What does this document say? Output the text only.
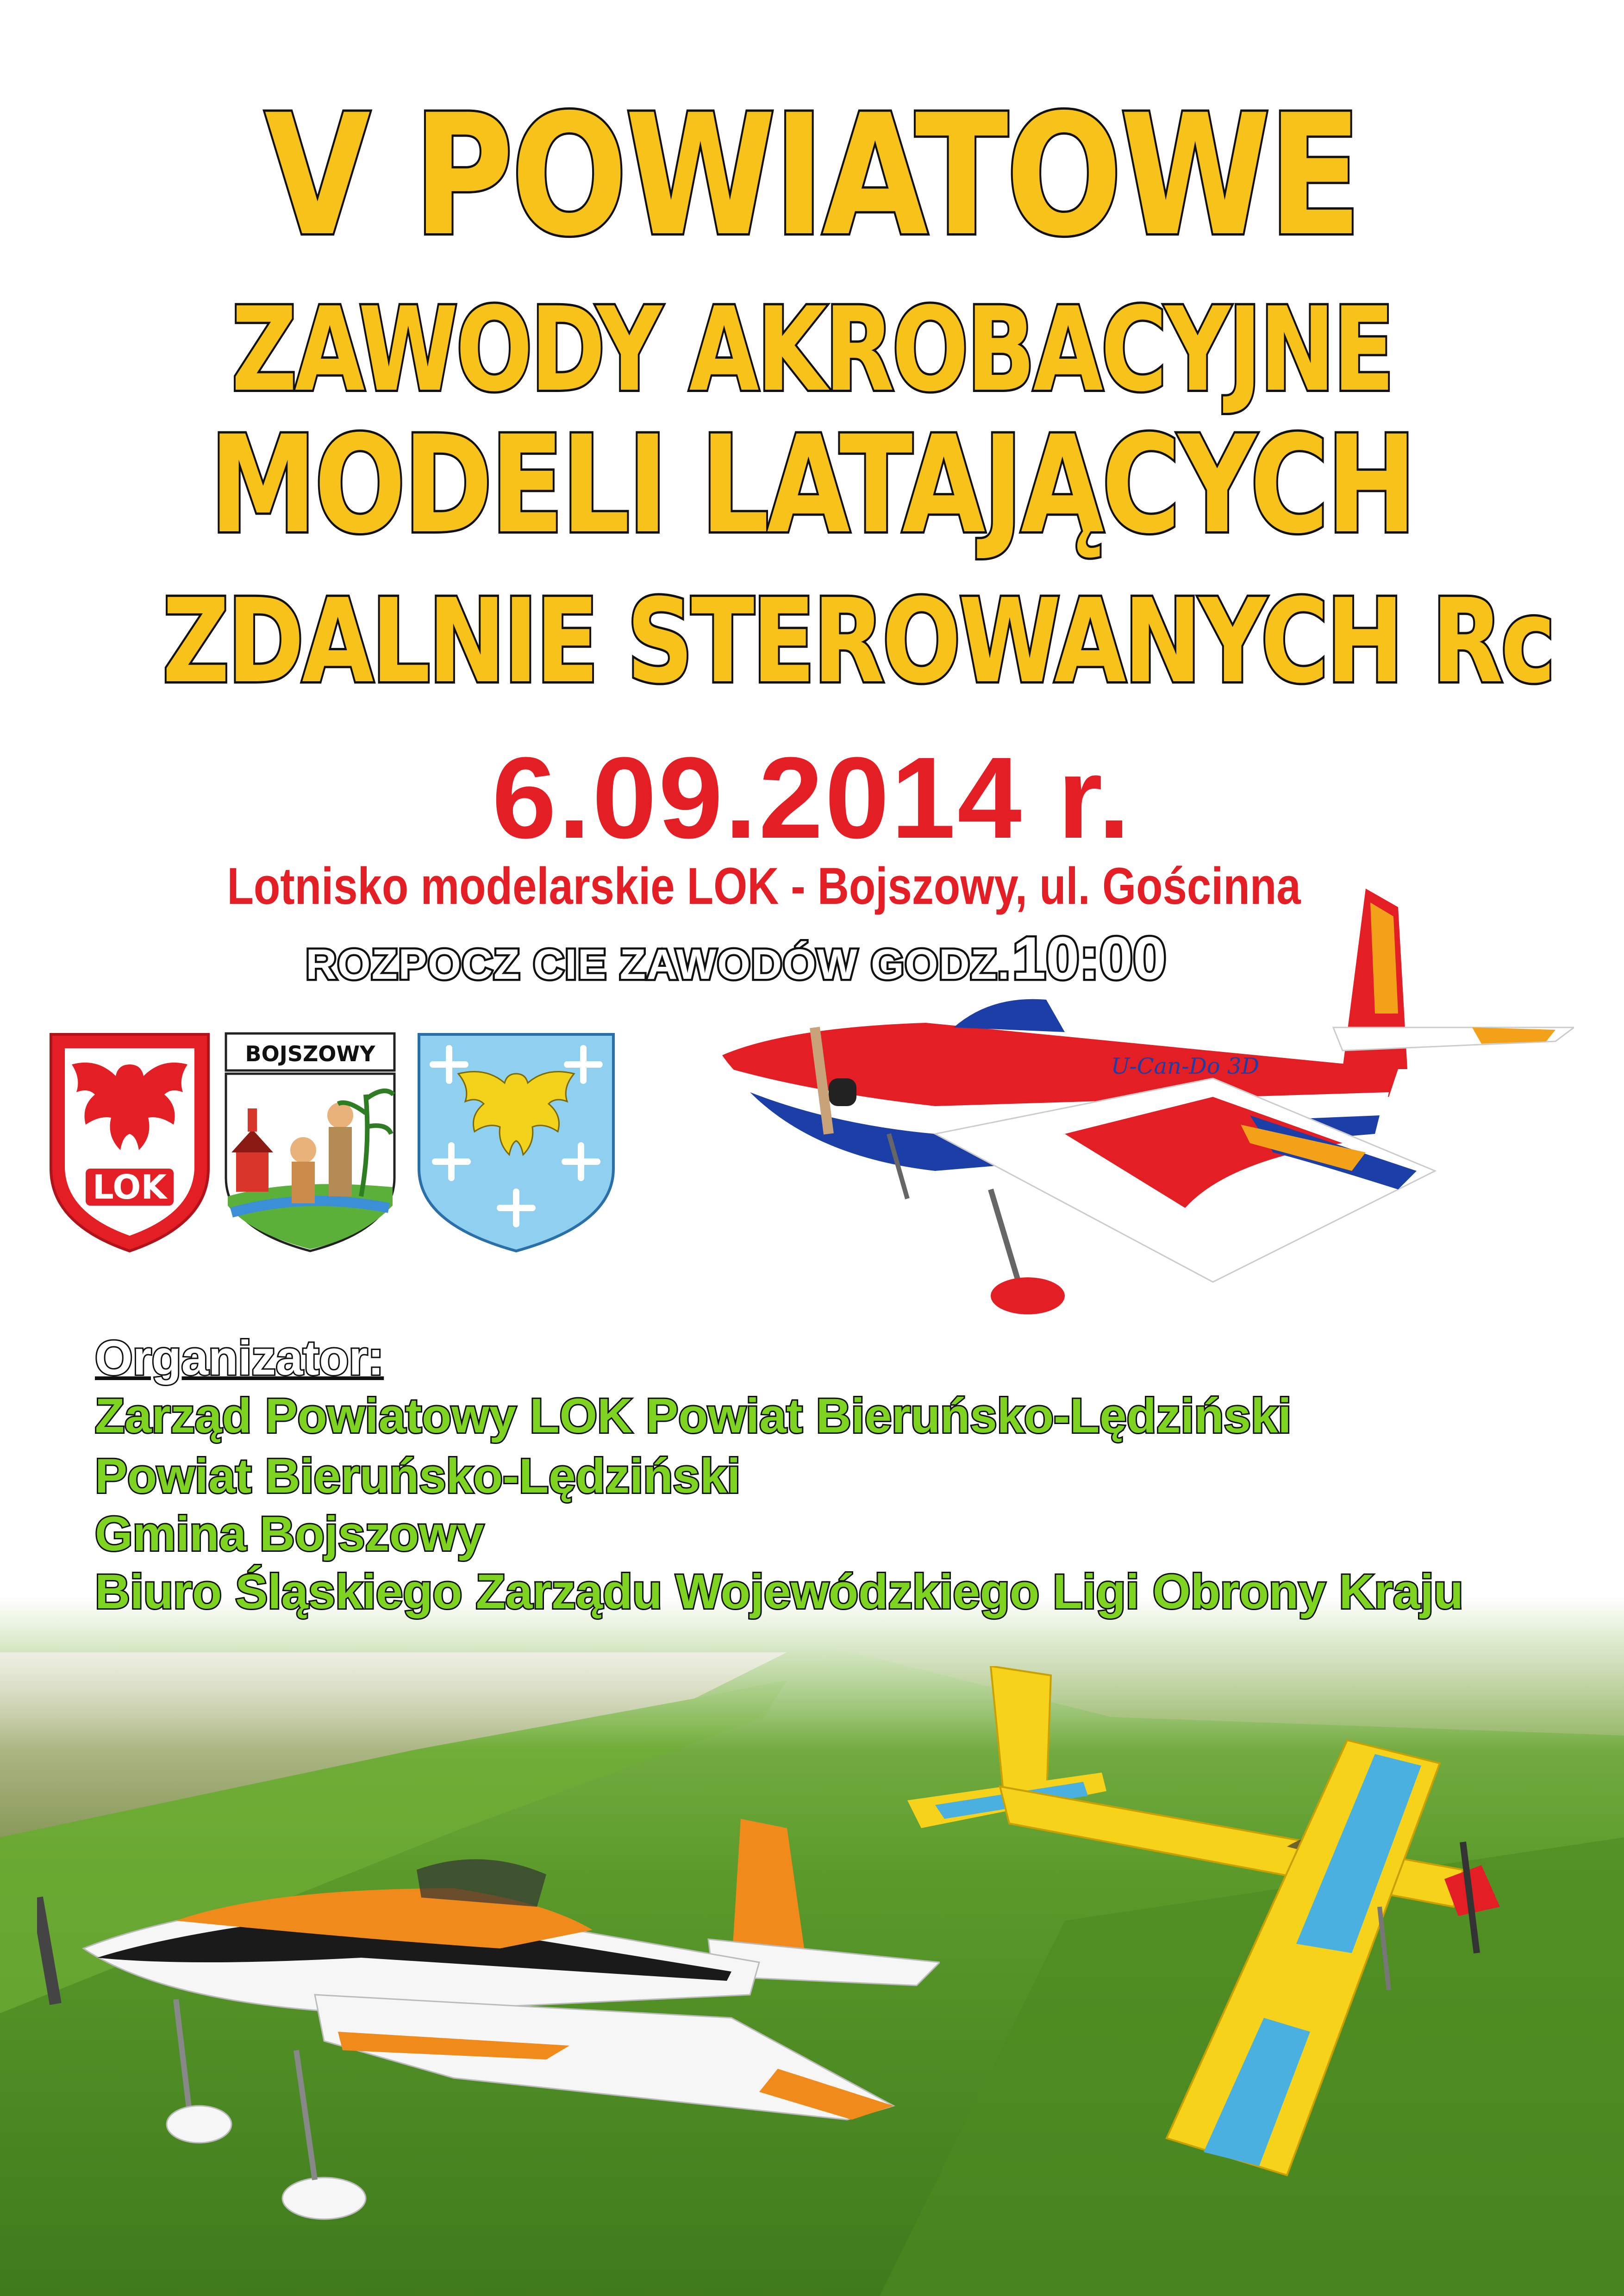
V POWIATOWE
ZAWODY AKROBACYJNE
MODELI LATAJĄCYCH
ZDALNIE STEROWANYCH Rc
6.09.2014 r.
Lotnisko modelarskie LOK - Bojszowy, ul. Gościnna
ROZPOCZ CIE ZAWODÓW GODZ. 10:00
LOK
BOJSZOWY	U-Can-Do 3D
Organizator:
Zarząd Powiatowy LOK Powiat Bieruńsko-Lędziński
Powiat Bieruńsko-Lędziński
Gmina Bojszowy
Biuro Śląskiego Zarządu Wojewódzkiego Ligi Obrony Kraju
